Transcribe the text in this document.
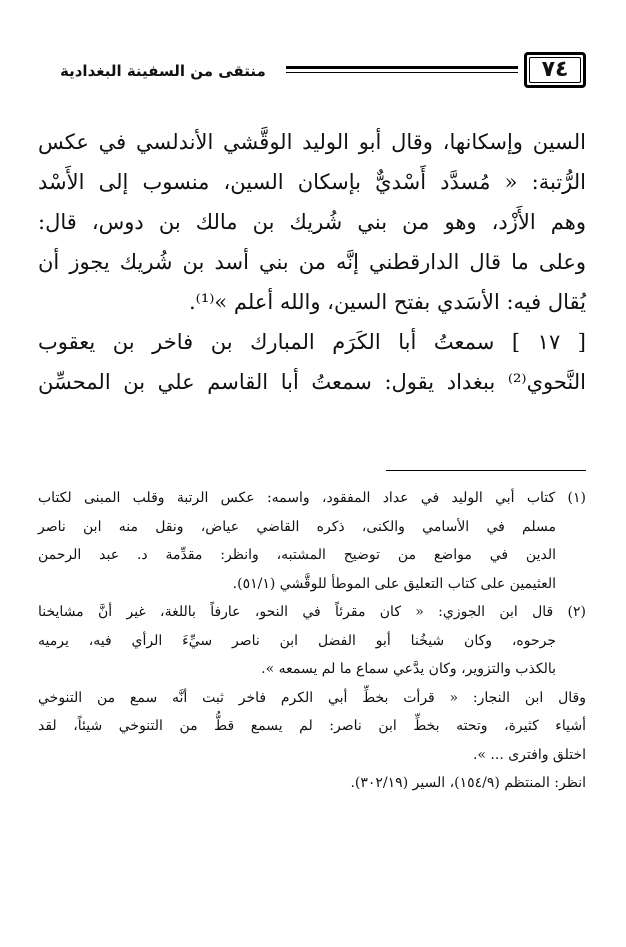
منتقى من السفينة البغدادية	٧٤
السين وإسكانها، وقال أبو الوليد الوقَّشي الأندلسي في عكس
الرُّتبة: « مُسدَّد أَسْديٌّ بإسكان السين، منسوب إلى الأَسْد
وهم الأَزْد، وهو من بني شُريك بن مالك بن دوس، قال:
وعلى ما قال الدارقطني إنَّه من بني أسد بن شُريك يجوز أن
يُقال فيه: الأسَدي بفتح السين، والله أعلم »⁽¹⁾.
[ ١٧ ] سمعتُ أبا الكَرَم المبارك بن فاخر بن يعقوب
النَّحوي⁽²⁾ ببغداد يقول: سمعتُ أبا القاسم علي بن المحسِّن
(١) كتاب أبي الوليد في عداد المفقود، واسمه: عكس الرتبة وقلب المبنى لكتاب
مسلم في الأسامي والكنى، ذكره القاضي عياض، ونقل منه ابن ناصر
الدين في مواضع من توضيح المشتبه، وانظر: مقدِّمة د. عبد الرحمن
العثيمين على كتاب التعليق على الموطأ للوقَّشي (٥١/١).
(٢) قال ابن الجوزي: « كان مقرئاً في النحو، عارفاً باللغة، غير أنَّ مشايخنا
جرحوه، وكان شيخُنا أبو الفضل ابن ناصر سيِّءَ الرأي فيه، يرميه
بالكذب والتزوير، وكان يدَّعي سماع ما لم يسمعه ».
وقال ابن النجار: « قرأت بخطِّ أبي الكرم فاخر ثبت أنَّه سمع من التنوخي
أشياء كثيرة، وتحته بخطِّ ابن ناصر: لم يسمع قطُّ من التنوخي شيئاً، لقد
اختلق وافترى ... ».
انظر: المنتظم (١٥٤/٩)، السير (٣٠٢/١٩).
